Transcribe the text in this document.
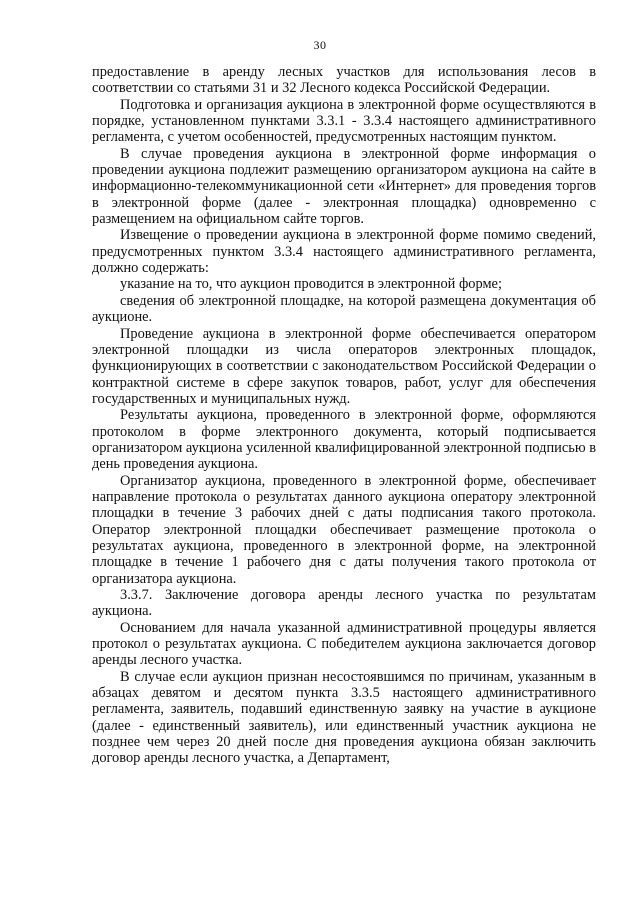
30

предоставление в аренду лесных участков для использования лесов в соответствии со статьями 31 и 32 Лесного кодекса Российской Федерации.

Подготовка и организация аукциона в электронной форме осуществляются в порядке, установленном пунктами 3.3.1 - 3.3.4 настоящего административного регламента, с учетом особенностей, предусмотренных настоящим пунктом.

В случае проведения аукциона в электронной форме информация о проведении аукциона подлежит размещению организатором аукциона на сайте в информационно-телекоммуникационной сети «Интернет» для проведения торгов в электронной форме (далее - электронная площадка) одновременно с размещением на официальном сайте торгов.

Извещение о проведении аукциона в электронной форме помимо сведений, предусмотренных пунктом 3.3.4 настоящего административного регламента, должно содержать:

указание на то, что аукцион проводится в электронной форме;

сведения об электронной площадке, на которой размещена документация об аукционе.

Проведение аукциона в электронной форме обеспечивается оператором электронной площадки из числа операторов электронных площадок, функционирующих в соответствии с законодательством Российской Федерации о контрактной системе в сфере закупок товаров, работ, услуг для обеспечения государственных и муниципальных нужд.

Результаты аукциона, проведенного в электронной форме, оформляются протоколом в форме электронного документа, который подписывается организатором аукциона усиленной квалифицированной электронной подписью в день проведения аукциона.

Организатор аукциона, проведенного в электронной форме, обеспечивает направление протокола о результатах данного аукциона оператору электронной площадки в течение 3 рабочих дней с даты подписания такого протокола. Оператор электронной площадки обеспечивает размещение протокола о результатах аукциона, проведенного в электронной форме, на электронной площадке в течение 1 рабочего дня с даты получения такого протокола от организатора аукциона.

3.3.7. Заключение договора аренды лесного участка по результатам аукциона.

Основанием для начала указанной административной процедуры является протокол о результатах аукциона. С победителем аукциона заключается договор аренды лесного участка.

В случае если аукцион признан несостоявшимся по причинам, указанным в абзацах девятом и десятом пункта 3.3.5 настоящего административного регламента, заявитель, подавший единственную заявку на участие в аукционе (далее - единственный заявитель), или единственный участник аукциона не позднее чем через 20 дней после дня проведения аукциона обязан заключить договор аренды лесного участка, а Департамент,
